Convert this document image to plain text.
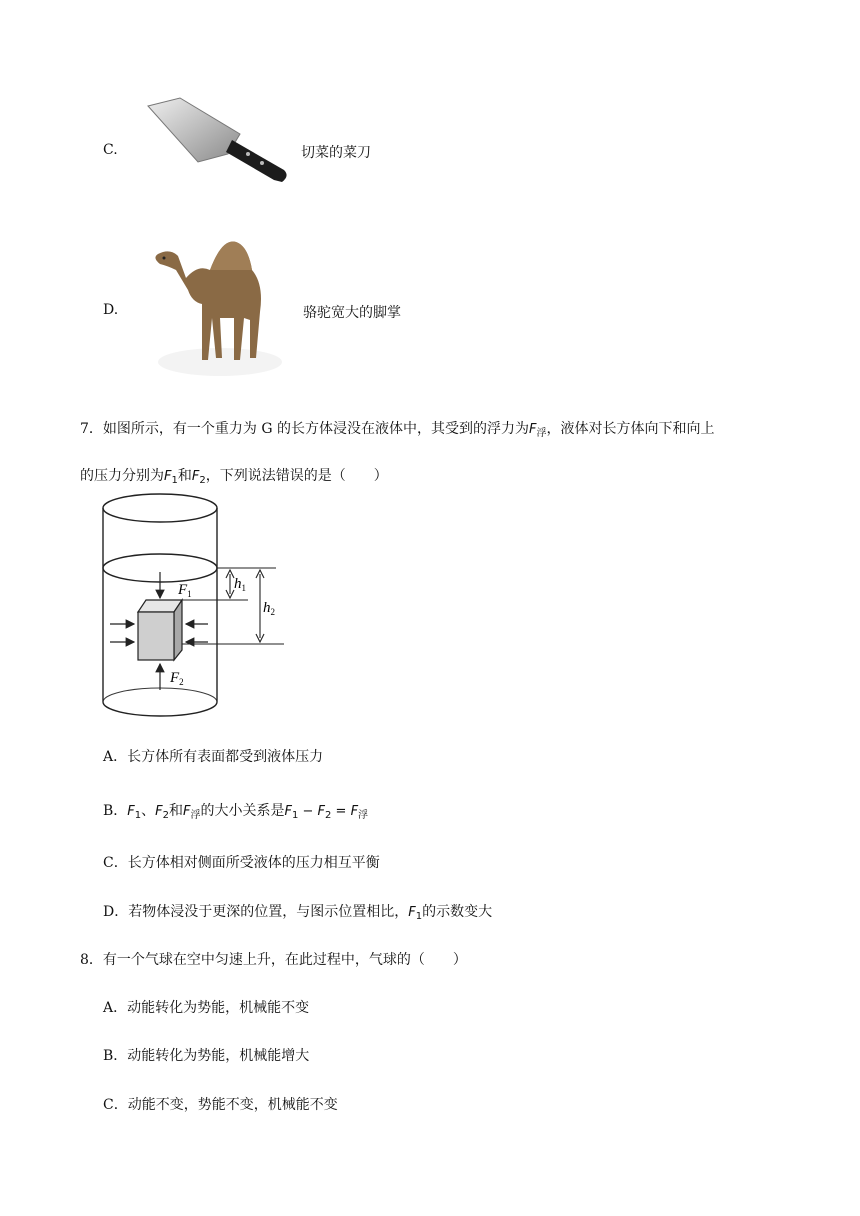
C.	切菜的菜刀
D.	骆驼宽大的脚掌
7．如图所示，有一个重力为 G 的长方体浸没在液体中，其受到的浮力为$F_浮$，液体对长方体向下和向上
的压力分别为$F_1$和$F_2$，下列说法错误的是（　　）
$F_1$
$F_2$
$h_1$
$h_2$
A．长方体所有表面都受到液体压力
B．$F_1$、$F_2$和$F_浮$的大小关系是$F_1 - F_2 = F_浮$
C．长方体相对侧面所受液体的压力相互平衡
D．若物体浸没于更深的位置，与图示位置相比，$F_1$的示数变大
8．有一个气球在空中匀速上升，在此过程中，气球的（　　）
A．动能转化为势能，机械能不变
B．动能转化为势能，机械能增大
C．动能不变，势能不变，机械能不变
